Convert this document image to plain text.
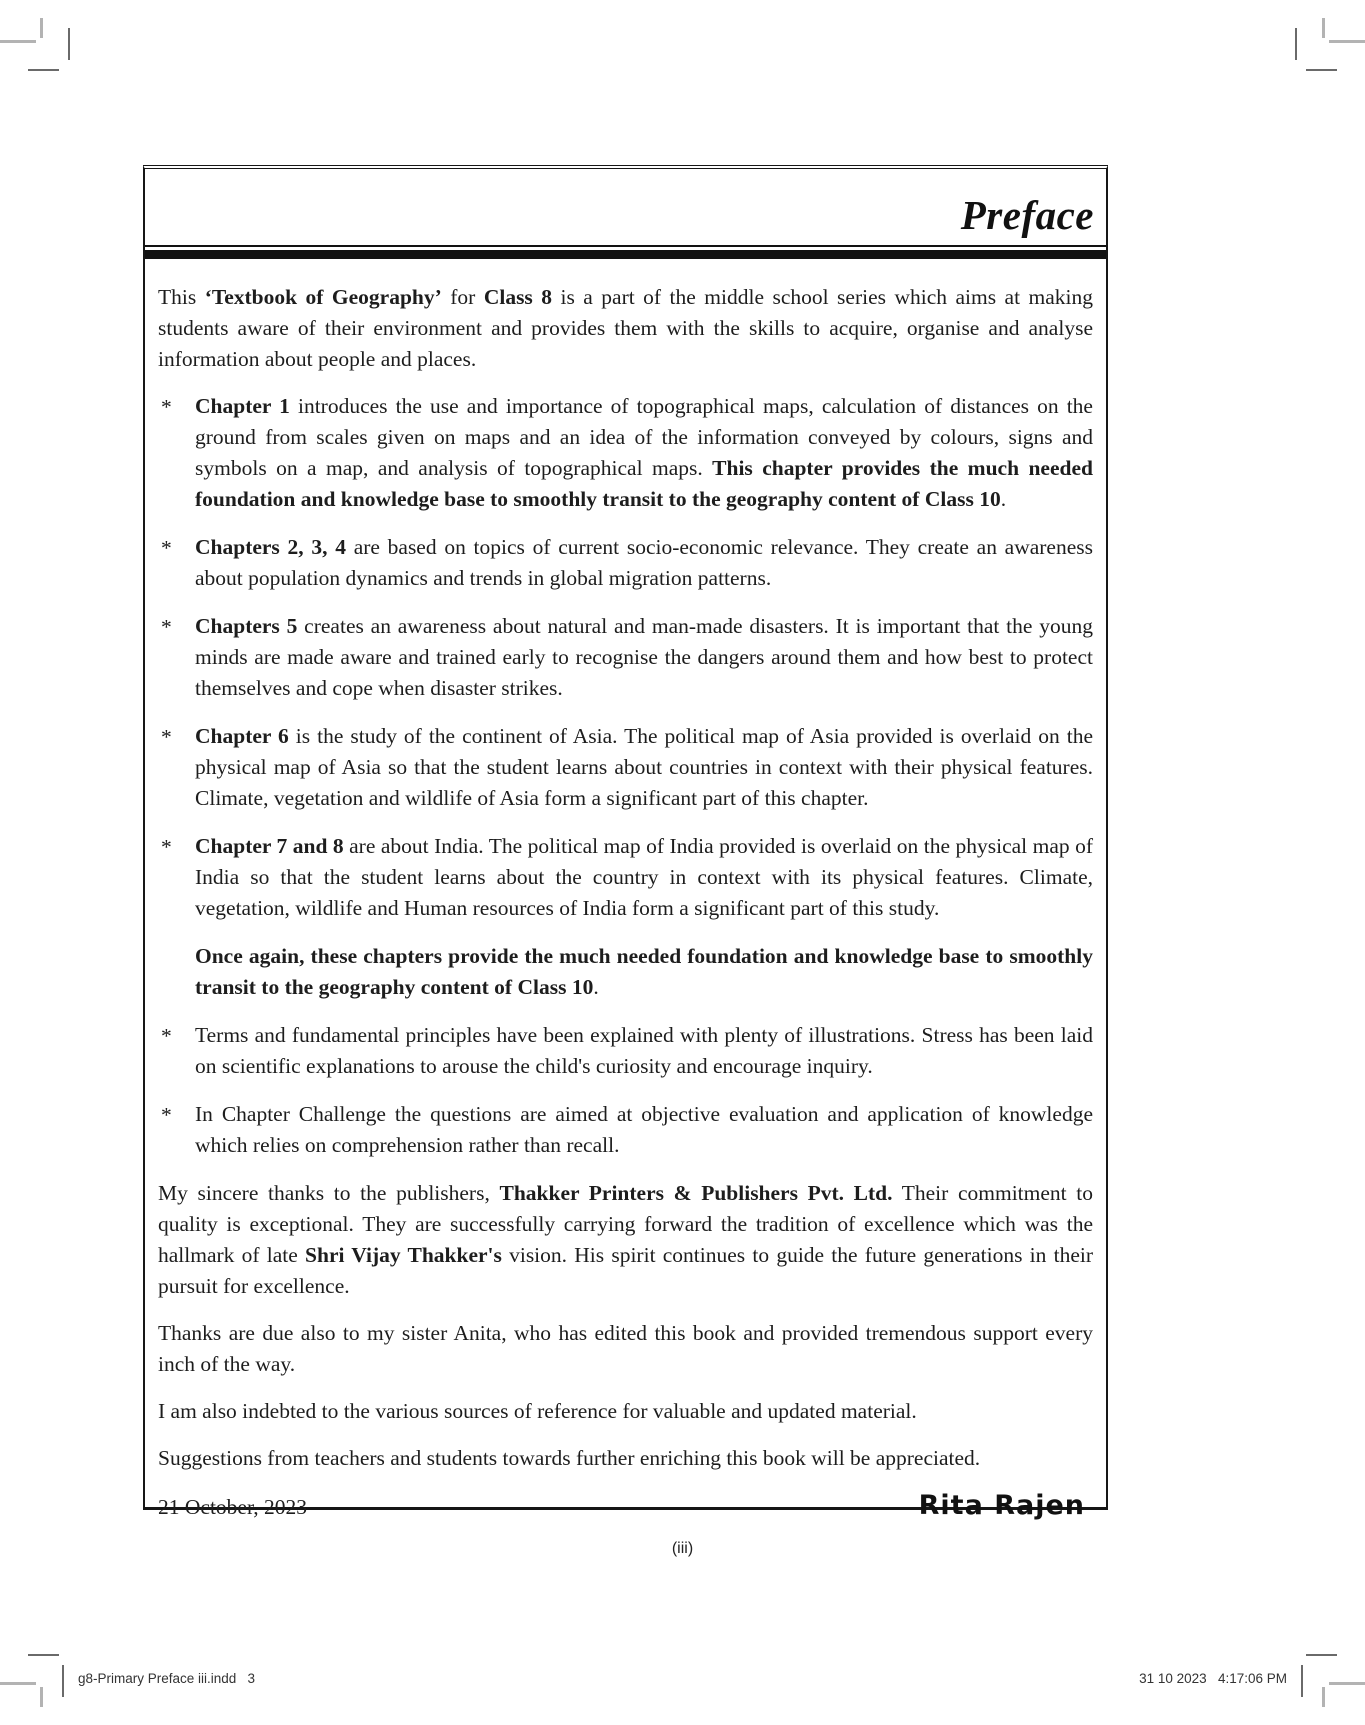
Preface
This ‘Textbook of Geography’ for Class 8 is a part of the middle school series which aims at making students aware of their environment and provides them with the skills to acquire, organise and analyse information about people and places.
* Chapter 1 introduces the use and importance of topographical maps, calculation of distances on the ground from scales given on maps and an idea of the information conveyed by colours, signs and symbols on a map, and analysis of topographical maps. This chapter provides the much needed foundation and knowledge base to smoothly transit to the geography content of Class 10.
* Chapters 2, 3, 4 are based on topics of current socio-economic relevance. They create an awareness about population dynamics and trends in global migration patterns.
* Chapters 5 creates an awareness about natural and man-made disasters. It is important that the young minds are made aware and trained early to recognise the dangers around them and how best to protect themselves and cope when disaster strikes.
* Chapter 6 is the study of the continent of Asia. The political map of Asia provided is overlaid on the physical map of Asia so that the student learns about countries in context with their physical features. Climate, vegetation and wildlife of Asia form a significant part of this chapter.
* Chapter 7 and 8 are about India. The political map of India provided is overlaid on the physical map of India so that the student learns about the country in context with its physical features. Climate, vegetation, wildlife and Human resources of India form a significant part of this study.
Once again, these chapters provide the much needed foundation and knowledge base to smoothly transit to the geography content of Class 10.
* Terms and fundamental principles have been explained with plenty of illustrations. Stress has been laid on scientific explanations to arouse the child's curiosity and encourage inquiry.
* In Chapter Challenge the questions are aimed at objective evaluation and application of knowledge which relies on comprehension rather than recall.
My sincere thanks to the publishers, Thakker Printers & Publishers Pvt. Ltd. Their commitment to quality is exceptional. They are successfully carrying forward the tradition of excellence which was the hallmark of late Shri Vijay Thakker's vision. His spirit continues to guide the future generations in their pursuit for excellence.
Thanks are due also to my sister Anita, who has edited this book and provided tremendous support every inch of the way.
I am also indebted to the various sources of reference for valuable and updated material.
Suggestions from teachers and students towards further enriching this book will be appreciated.
21 October, 2023	Rita Rajen
(iii)
g8-Primary Preface iii.indd   3	31 10 2023   4:17:06 PM
